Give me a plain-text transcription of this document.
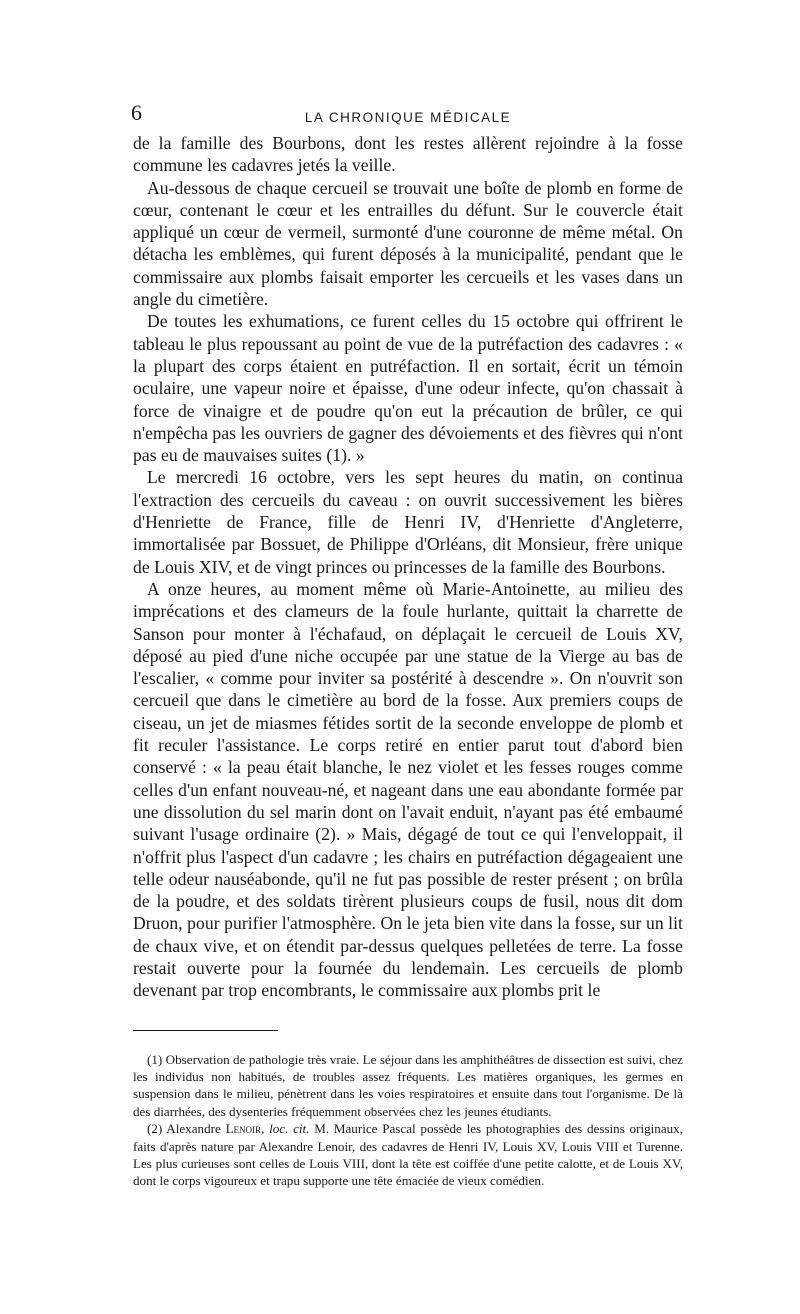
6	LA CHRONIQUE MÉDICALE

de la famille des Bourbons, dont les restes allèrent rejoindre à la fosse commune les cadavres jetés la veille.

Au-dessous de chaque cercueil se trouvait une boîte de plomb en forme de cœur, contenant le cœur et les entrailles du défunt. Sur le couvercle était appliqué un cœur de vermeil, surmonté d'une couronne de même métal. On détacha les emblèmes, qui furent déposés à la municipalité, pendant que le commissaire aux plombs faisait emporter les cercueils et les vases dans un angle du cimetière.

De toutes les exhumations, ce furent celles du 15 octobre qui offrirent le tableau le plus repoussant au point de vue de la putréfaction des cadavres : « la plupart des corps étaient en putréfaction. Il en sortait, écrit un témoin oculaire, une vapeur noire et épaisse, d'une odeur infecte, qu'on chassait à force de vinaigre et de poudre qu'on eut la précaution de brûler, ce qui n'empêcha pas les ouvriers de gagner des dévoiements et des fièvres qui n'ont pas eu de mauvaises suites (1). »

Le mercredi 16 octobre, vers les sept heures du matin, on continua l'extraction des cercueils du caveau : on ouvrit successivement les bières d'Henriette de France, fille de Henri IV, d'Henriette d'Angleterre, immortalisée par Bossuet, de Philippe d'Orléans, dit Monsieur, frère unique de Louis XIV, et de vingt princes ou princesses de la famille des Bourbons.

A onze heures, au moment même où Marie-Antoinette, au milieu des imprécations et des clameurs de la foule hurlante, quittait la charrette de Sanson pour monter à l'échafaud, on déplaçait le cercueil de Louis XV, déposé au pied d'une niche occupée par une statue de la Vierge au bas de l'escalier, « comme pour inviter sa postérité à descendre ». On n'ouvrit son cercueil que dans le cimetière au bord de la fosse. Aux premiers coups de ciseau, un jet de miasmes fétides sortit de la seconde enveloppe de plomb et fit reculer l'assistance. Le corps retiré en entier parut tout d'abord bien conservé : « la peau était blanche, le nez violet et les fesses rouges comme celles d'un enfant nouveau-né, et nageant dans une eau abondante formée par une dissolution du sel marin dont on l'avait enduit, n'ayant pas été embaumé suivant l'usage ordinaire (2). » Mais, dégagé de tout ce qui l'enveloppait, il n'offrit plus l'aspect d'un cadavre ; les chairs en putréfaction dégageaient une telle odeur nauséabonde, qu'il ne fut pas possible de rester présent ; on brûla de la poudre, et des soldats tirèrent plusieurs coups de fusil, nous dit dom Druon, pour purifier l'atmosphère. On le jeta bien vite dans la fosse, sur un lit de chaux vive, et on étendit par-dessus quelques pelletées de terre. La fosse restait ouverte pour la fournée du lendemain. Les cercueils de plomb devenant par trop encombrants, le commissaire aux plombs prit le

(1) Observation de pathologie très vraie. Le séjour dans les amphithéâtres de dissection est suivi, chez les individus non habitués, de troubles assez fréquents. Les matières organiques, les germes en suspension dans le milieu, pénètrent dans les voies respiratoires et ensuite dans tout l'organisme. De là des diarrhées, des dysenteries fréquemment observées chez les jeunes étudiants.

(2) Alexandre Lenoir, loc. cit. M. Maurice Pascal possède les photographies des dessins originaux, faits d'après nature par Alexandre Lenoir, des cadavres de Henri IV, Louis XV, Louis VIII et Turenne. Les plus curieuses sont celles de Louis VIII, dont la tête est coiffée d'une petite calotte, et de Louis XV, dont le corps vigoureux et trapu supporte une tête émaciée de vieux comédien.
